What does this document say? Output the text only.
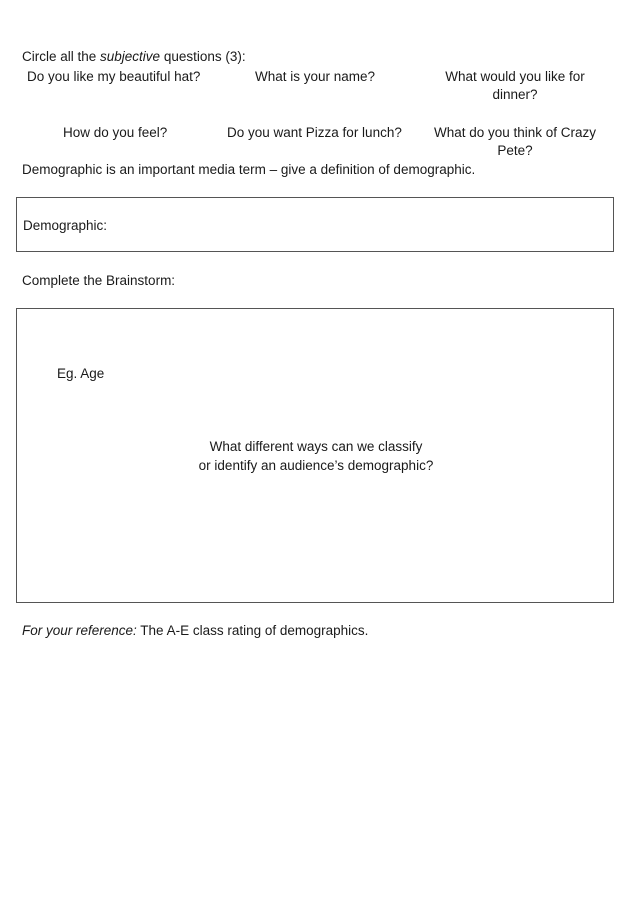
Circle all the subjective questions (3):
Do you like my beautiful hat?	What is your name?	What would you like for dinner?
How do you feel?	Do you want Pizza for lunch?	What do you think of Crazy Pete?
Demographic is an important media term – give a definition of demographic.
Demographic:
Complete the Brainstorm:
Eg. Age
What different ways can we classify
or identify an audience’s demographic?
For your reference: The A-E class rating of demographics.
